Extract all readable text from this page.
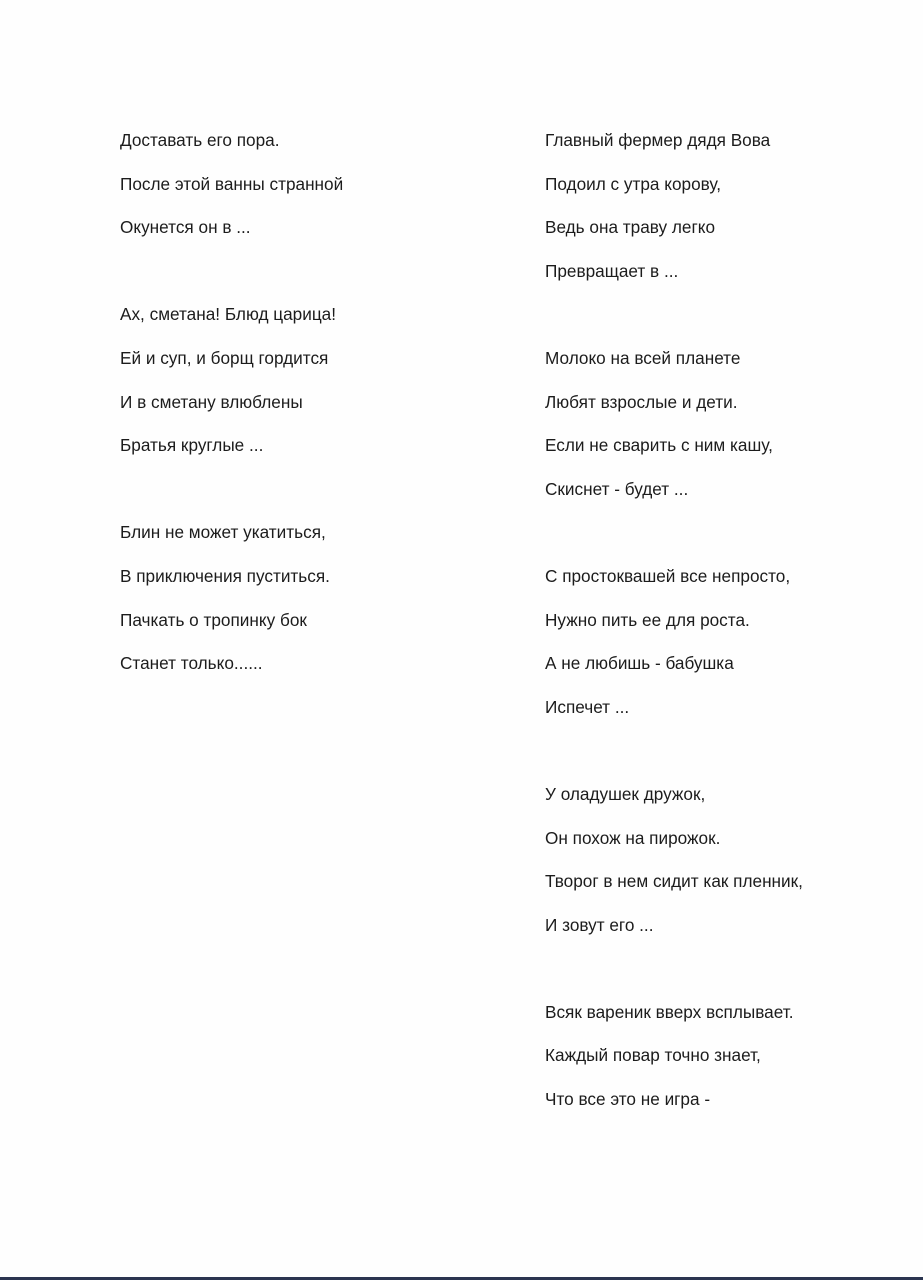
Доставать его пора.
После этой ванны странной
Окунется он в ...
Ах, сметана! Блюд царица!
Ей и суп, и борщ гордится
И в сметану влюблены
Братья круглые ...
Блин не может укатиться,
В приключения пуститься.
Пачкать о тропинку бок
Станет только......
Главный фермер дядя Вова
Подоил с утра корову,
Ведь она траву легко
Превращает в ...
Молоко на всей планете
Любят взрослые и дети.
Если не сварить с ним кашу,
Скиснет - будет ...
С простоквашей все непросто,
Нужно пить ее для роста.
А не любишь - бабушка
Испечет ...
У оладушек дружок,
Он похож на пирожок.
Творог в нем сидит как пленник,
И зовут его ...
Всяк вареник вверх всплывает.
Каждый повар точно знает,
Что все это не игра -
